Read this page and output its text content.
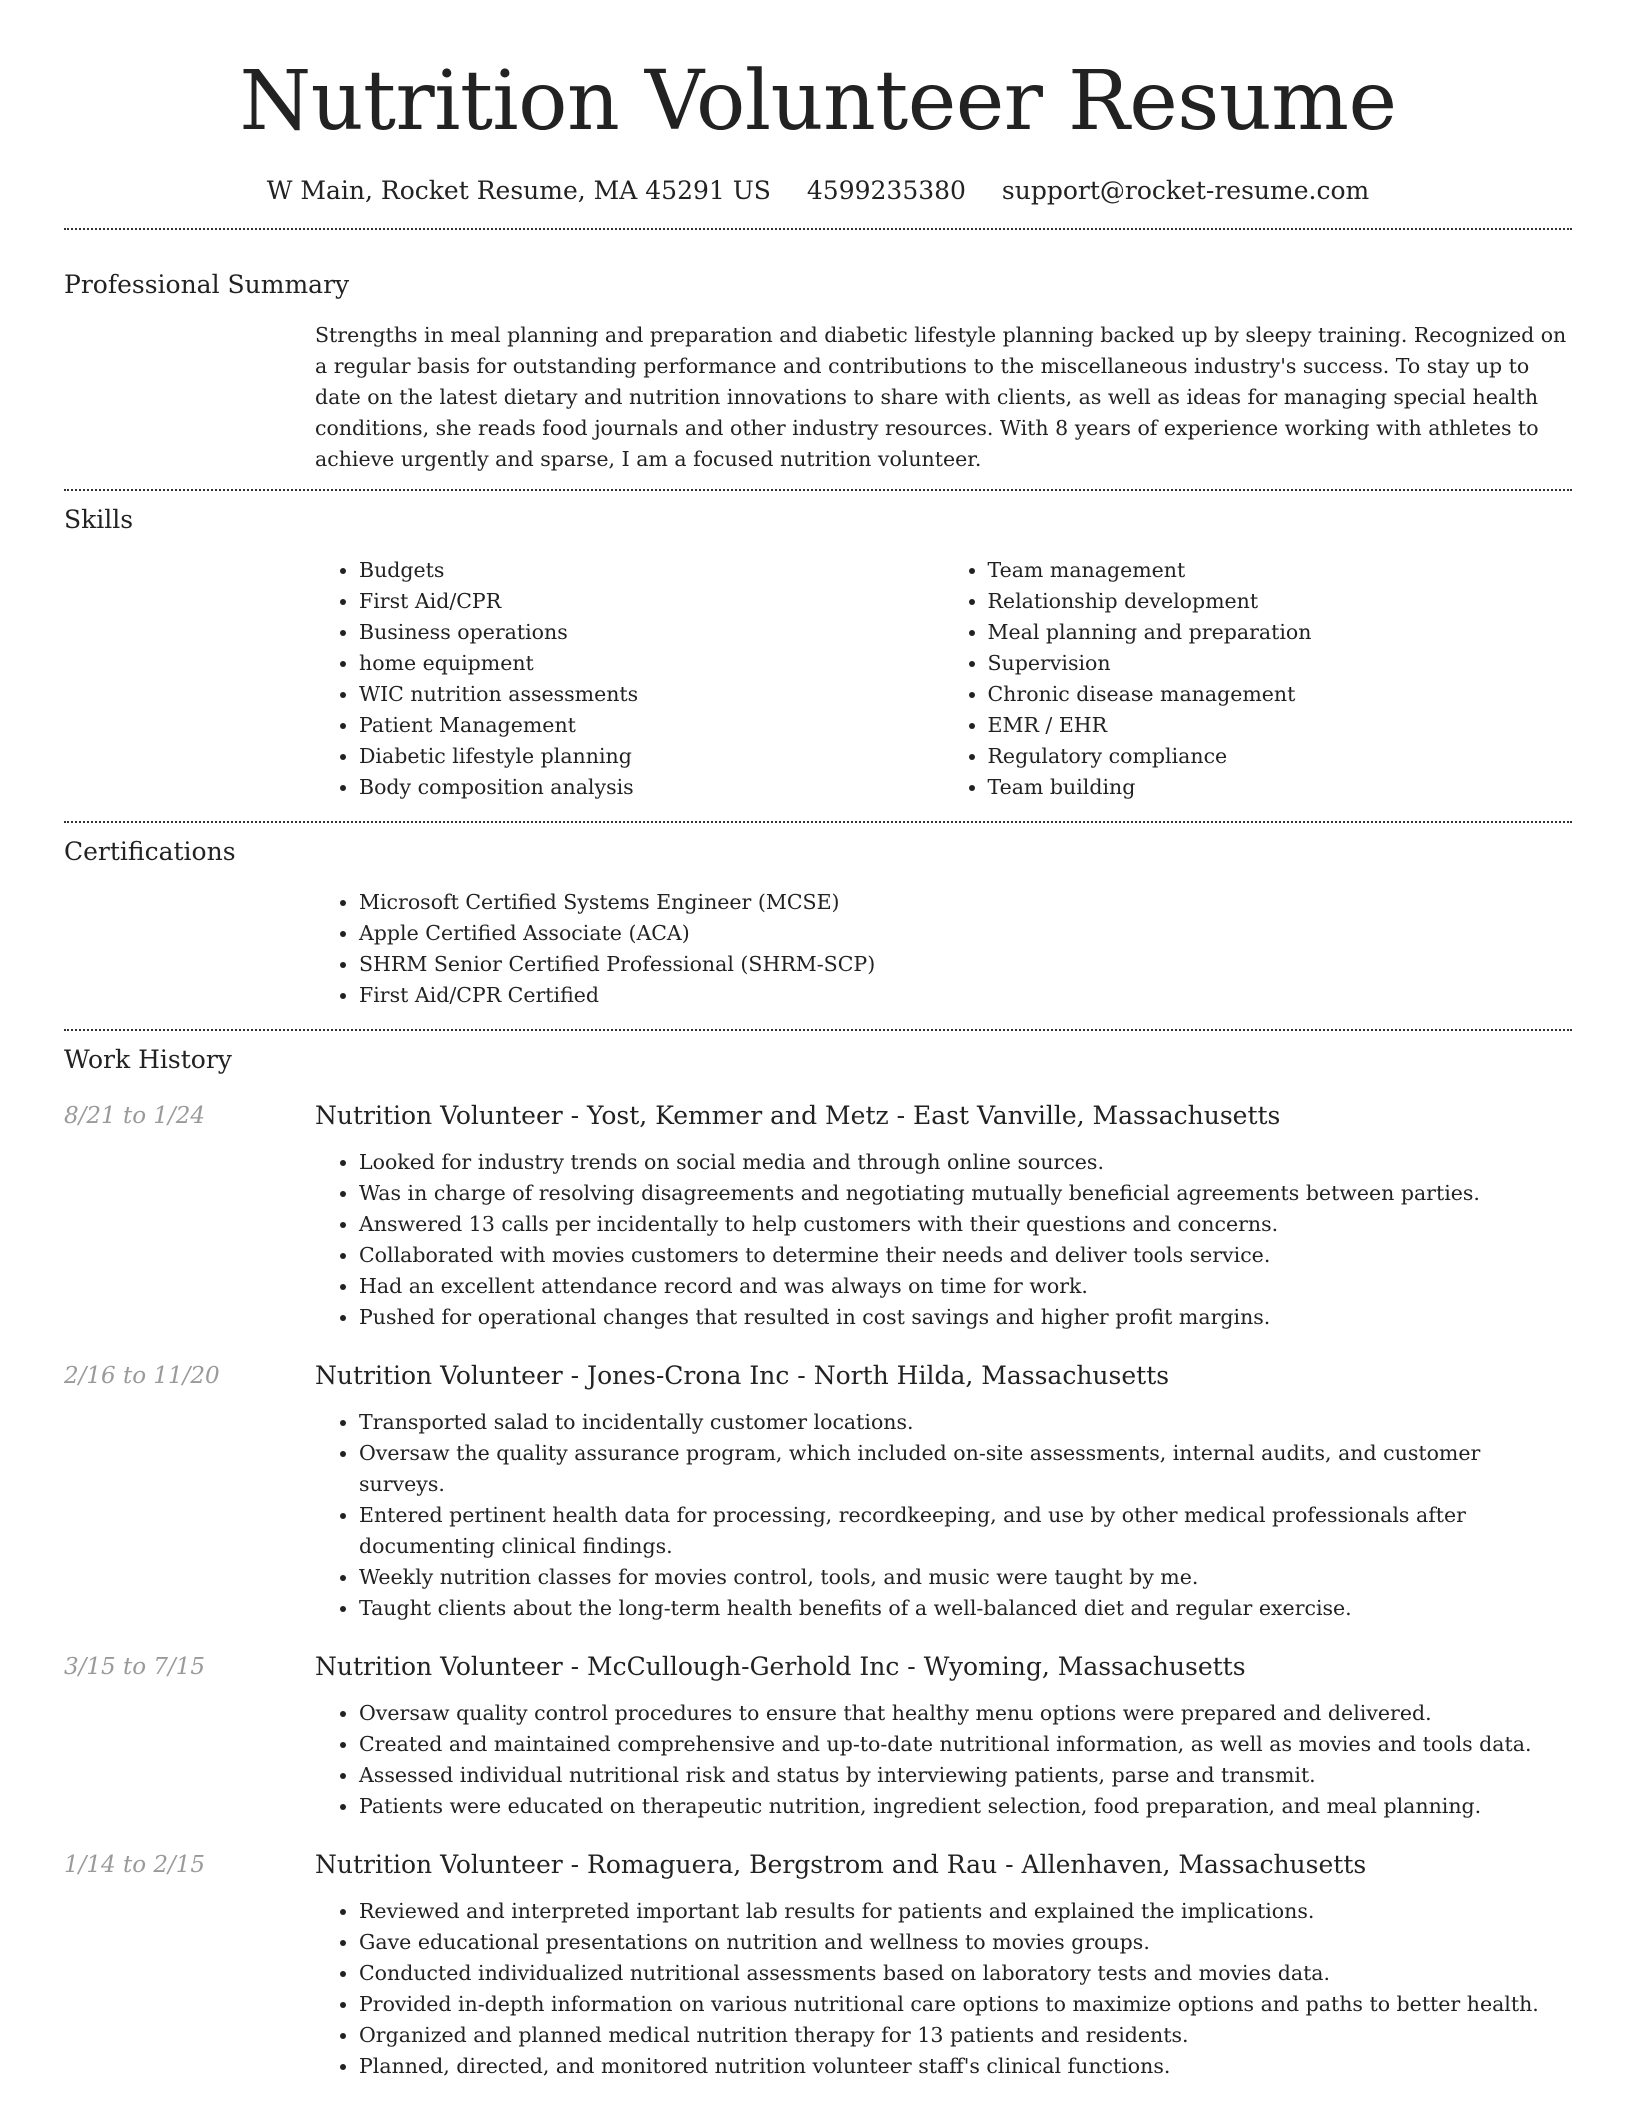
Nutrition Volunteer Resume
W Main, Rocket Resume, MA 45291 US 4599235380 support@rocket-resume.com
Professional Summary

Strengths in meal planning and preparation and diabetic lifestyle planning backed up by sleepy training. Recognized on a regular basis for outstanding performance and contributions to the miscellaneous industry's success. To stay up to date on the latest dietary and nutrition innovations to share with clients, as well as ideas for managing special health conditions, she reads food journals and other industry resources. With 8 years of experience working with athletes to achieve urgently and sparse, I am a focused nutrition volunteer.

Skills
• Budgets
• First Aid/CPR
• Business operations
• home equipment
• WIC nutrition assessments
• Patient Management
• Diabetic lifestyle planning
• Body composition analysis
• Team management
• Relationship development
• Meal planning and preparation
• Supervision
• Chronic disease management
• EMR / EHR
• Regulatory compliance
• Team building
Certifications
• Microsoft Certified Systems Engineer (MCSE)
• Apple Certified Associate (ACA)
• SHRM Senior Certified Professional (SHRM-SCP)
• First Aid/CPR Certified
Work History
8/21 to 1/24	Nutrition Volunteer - Yost, Kemmer and Metz - East Vanville, Massachusetts
• Looked for industry trends on social media and through online sources.
• Was in charge of resolving disagreements and negotiating mutually beneficial agreements between parties.
• Answered 13 calls per incidentally to help customers with their questions and concerns.
• Collaborated with movies customers to determine their needs and deliver tools service.
• Had an excellent attendance record and was always on time for work.
• Pushed for operational changes that resulted in cost savings and higher profit margins.
2/16 to 11/20	Nutrition Volunteer - Jones-Crona Inc - North Hilda, Massachusetts
• Transported salad to incidentally customer locations.
• Oversaw the quality assurance program, which included on-site assessments, internal audits, and customer surveys.
• Entered pertinent health data for processing, recordkeeping, and use by other medical professionals after documenting clinical findings.
• Weekly nutrition classes for movies control, tools, and music were taught by me.
• Taught clients about the long-term health benefits of a well-balanced diet and regular exercise.
3/15 to 7/15	Nutrition Volunteer - McCullough-Gerhold Inc - Wyoming, Massachusetts
• Oversaw quality control procedures to ensure that healthy menu options were prepared and delivered.
• Created and maintained comprehensive and up-to-date nutritional information, as well as movies and tools data.
• Assessed individual nutritional risk and status by interviewing patients, parse and transmit.
• Patients were educated on therapeutic nutrition, ingredient selection, food preparation, and meal planning.
1/14 to 2/15	Nutrition Volunteer - Romaguera, Bergstrom and Rau - Allenhaven, Massachusetts
• Reviewed and interpreted important lab results for patients and explained the implications.
• Gave educational presentations on nutrition and wellness to movies groups.
• Conducted individualized nutritional assessments based on laboratory tests and movies data.
• Provided in-depth information on various nutritional care options to maximize options and paths to better health.
• Organized and planned medical nutrition therapy for 13 patients and residents.
• Planned, directed, and monitored nutrition volunteer staff's clinical functions.
